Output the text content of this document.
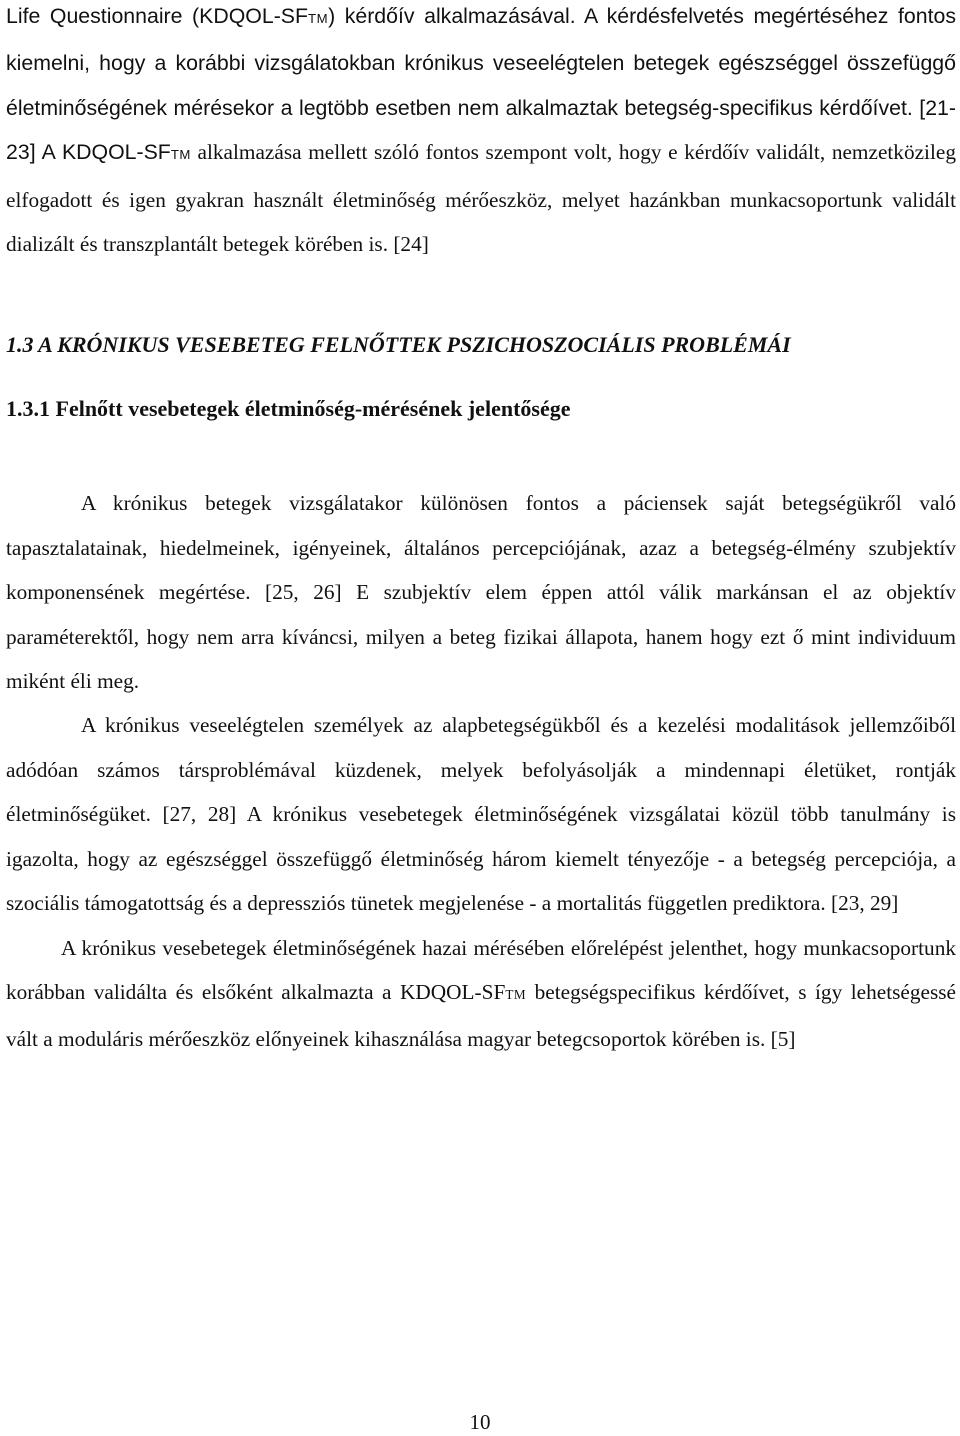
Life Questionnaire (KDQOL-SFTM) kérdőív alkalmazásával. A kérdésfelvetés megértéséhez fontos kiemelni, hogy a korábbi vizsgálatokban krónikus veseelégtelen betegek egészséggel összefüggő életminőségének mérésekor a legtöbb esetben nem alkalmaztak betegség-specifikus kérdőívet. [21-23] A KDQOL-SFTM alkalmazása mellett szóló fontos szempont volt, hogy e kérdőív validált, nemzetközileg elfogadott és igen gyakran használt életminőség mérőeszköz, melyet hazánkban munkacsoportunk validált dializált és transzplantált betegek körében is. [24]

1.3 A KRÓNIKUS VESEBETEG FELNŐTTEK PSZICHOSZOCIÁLIS PROBLÉMÁI
1.3.1 Felnőtt vesebetegek életminőség-mérésének jelentősége

A krónikus betegek vizsgálatakor különösen fontos a páciensek saját betegségükről való tapasztalatainak, hiedelmeinek, igényeinek, általános percepciójának, azaz a betegség-élmény szubjektív komponensének megértése. [25, 26] E szubjektív elem éppen attól válik markánsan el az objektív paraméterektől, hogy nem arra kíváncsi, milyen a beteg fizikai állapota, hanem hogy ezt ő mint individuum miként éli meg.

A krónikus veseelégtelen személyek az alapbetegségükből és a kezelési modalitások jellemzőiből adódóan számos társproblémával küzdenek, melyek befolyásolják a mindennapi életüket, rontják életminőségüket. [27, 28] A krónikus vesebetegek életminőségének vizsgálatai közül több tanulmány is igazolta, hogy az egészséggel összefüggő életminőség három kiemelt tényezője - a betegség percepciója, a szociális támogatottság és a depressziós tünetek megjelenése - a mortalitás független prediktora. [23, 29]

A krónikus vesebetegek életminőségének hazai mérésében előrelépést jelenthet, hogy munkacsoportunk korábban validálta és elsőként alkalmazta a KDQOL-SFTM betegségspecifikus kérdőívet, s így lehetségessé vált a moduláris mérőeszköz előnyeinek kihasználása magyar betegcsoportok körében is. [5]

10
